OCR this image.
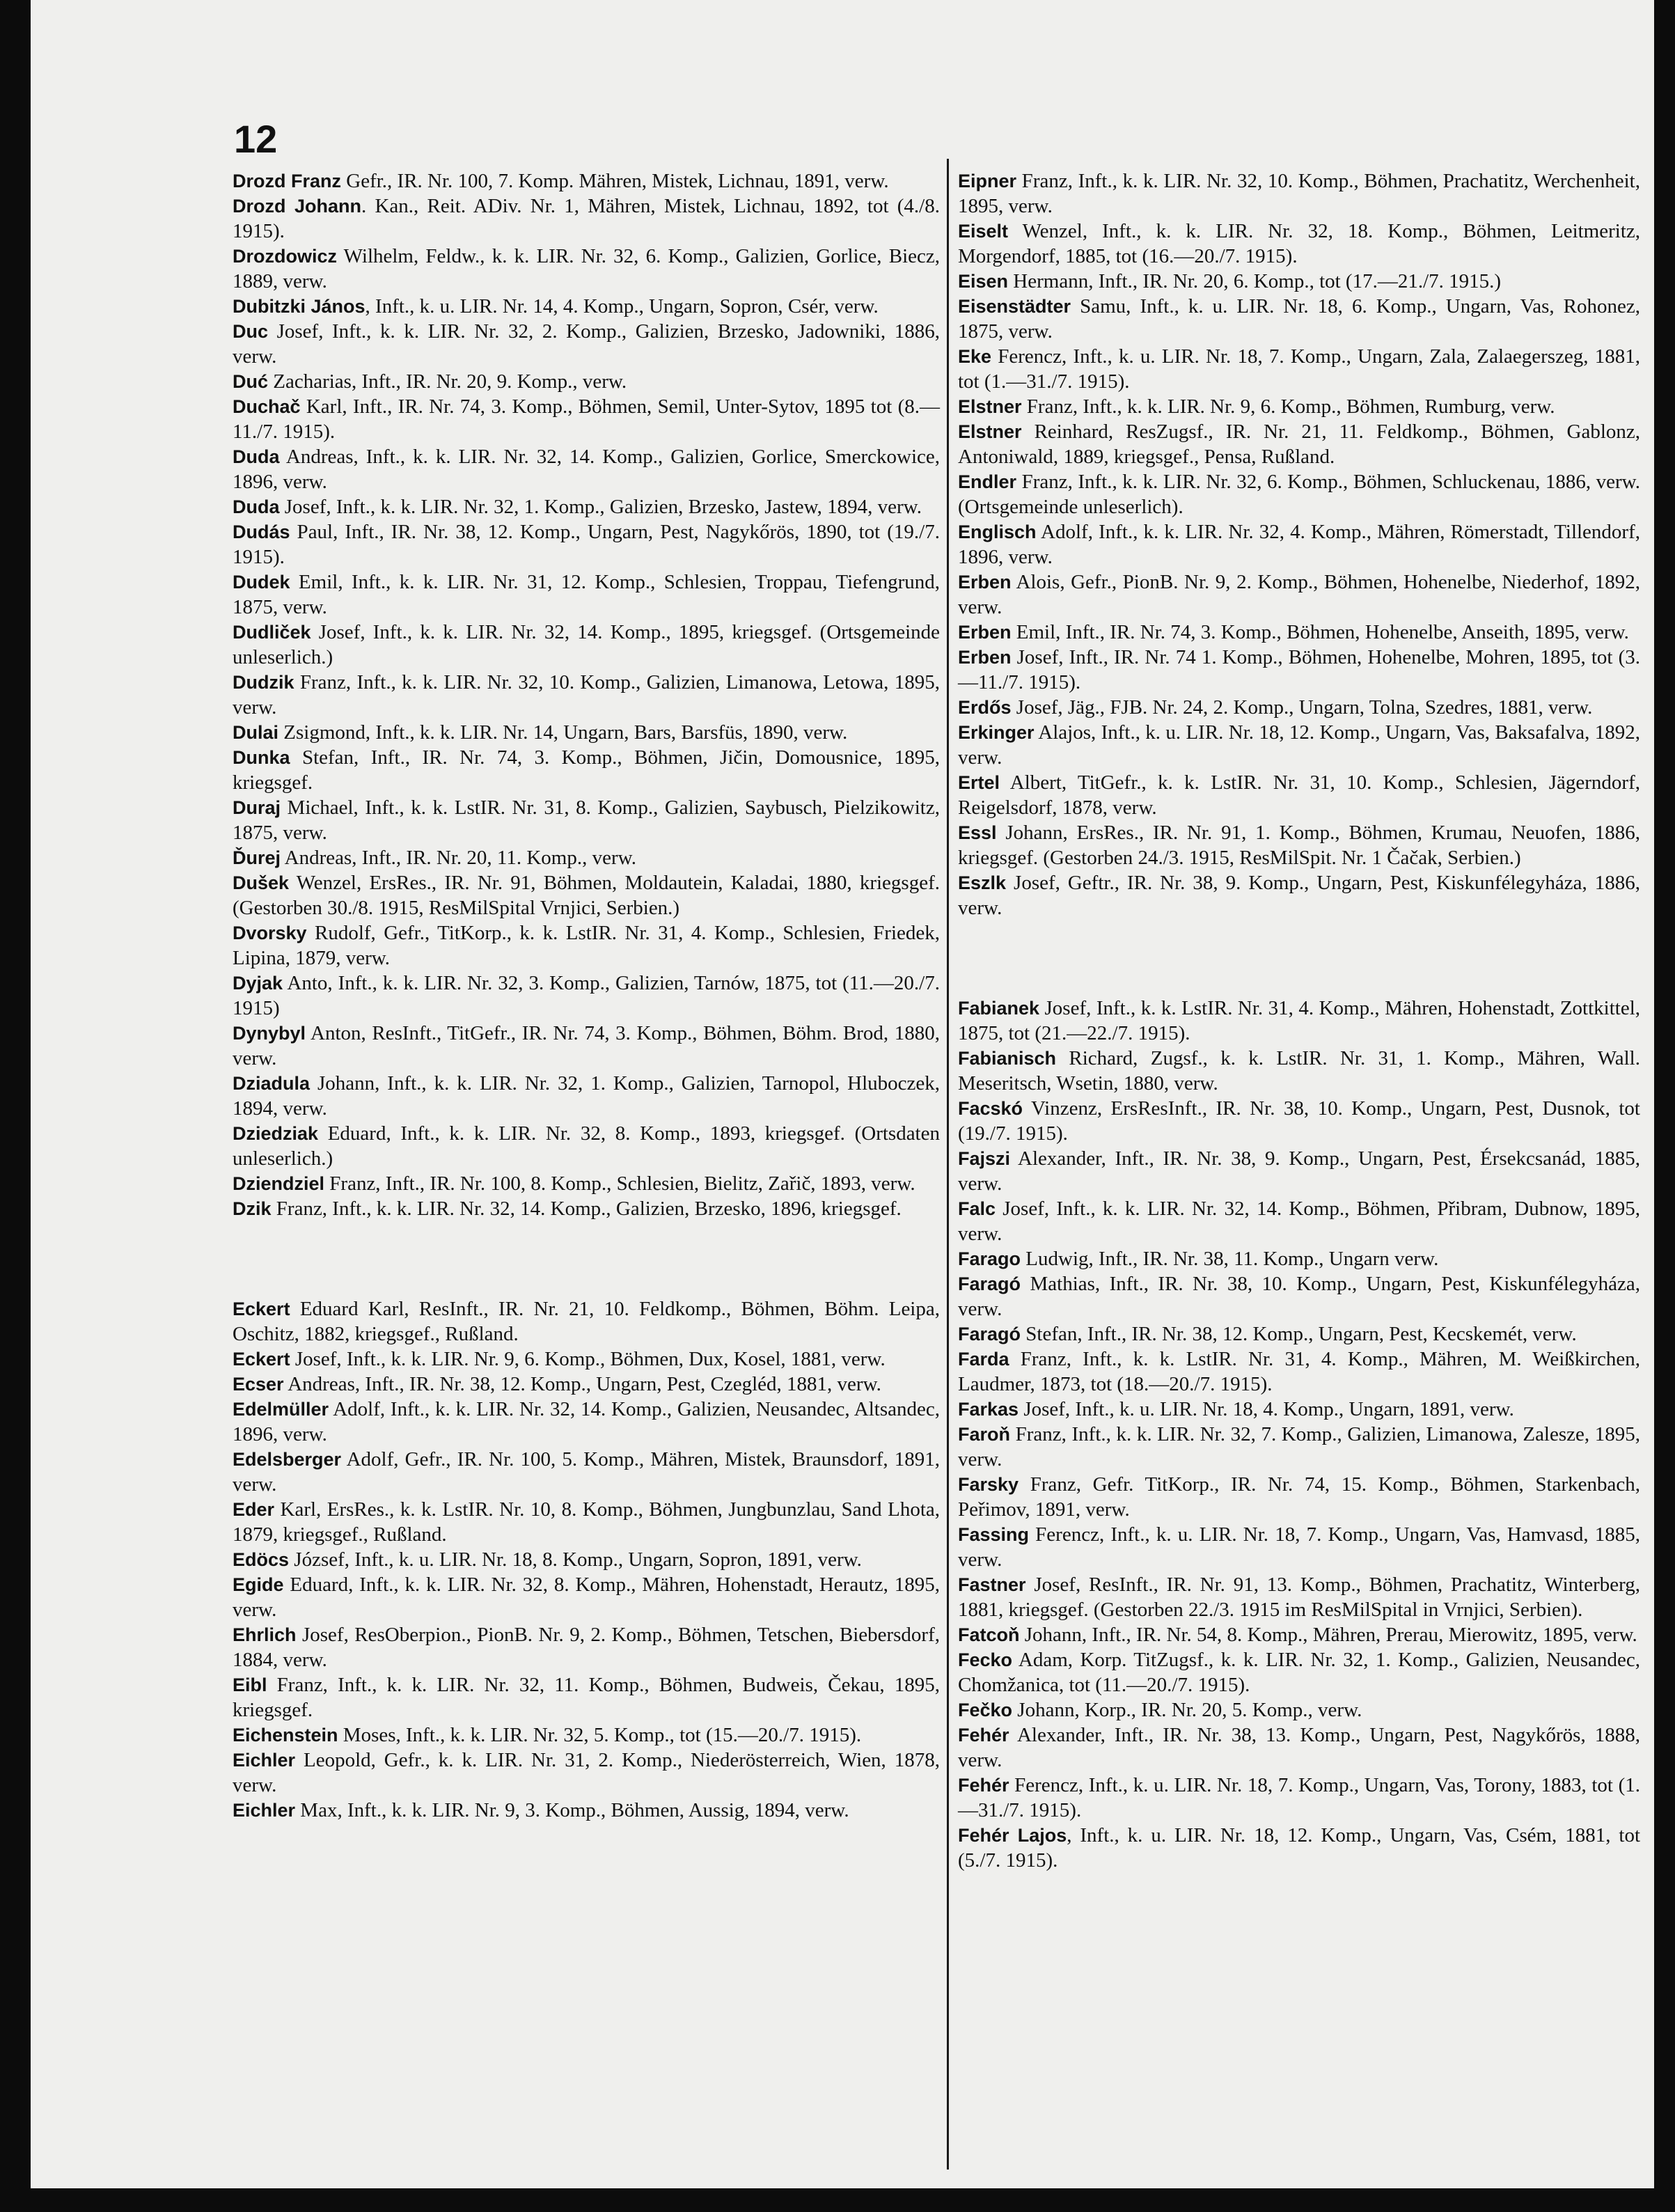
12

Drozd Franz Gefr., IR. Nr. 100, 7. Komp. Mähren, Mistek, Lichnau, 1891, verw.

Drozd Johann. Kan., Reit. ADiv. Nr. 1, Mähren, Mistek, Lichnau, 1892, tot (4./8. 1915).

Drozdowicz Wilhelm, Feldw., k. k. LIR. Nr. 32, 6. Komp., Galizien, Gorlice, Biecz, 1889, verw.

Dubitzki János, Inft., k. u. LIR. Nr. 14, 4. Komp., Ungarn, Sopron, Csér, verw.

Duc Josef, Inft., k. k. LIR. Nr. 32, 2. Komp., Galizien, Brzesko, Jadowniki, 1886, verw.

Duć Zacharias, Inft., IR. Nr. 20, 9. Komp., verw.

Duchač Karl, Inft., IR. Nr. 74, 3. Komp., Böhmen, Semil, Unter-Sytov, 1895 tot (8.—11./7. 1915).

Duda Andreas, Inft., k. k. LIR. Nr. 32, 14. Komp., Galizien, Gorlice, Smerckowice, 1896, verw.

Duda Josef, Inft., k. k. LIR. Nr. 32, 1. Komp., Galizien, Brzesko, Jastew, 1894, verw.

Dudás Paul, Inft., IR. Nr. 38, 12. Komp., Ungarn, Pest, Nagykőrös, 1890, tot (19./7. 1915).

Dudek Emil, Inft., k. k. LIR. Nr. 31, 12. Komp., Schlesien, Troppau, Tiefengrund, 1875, verw.

Dudliček Josef, Inft., k. k. LIR. Nr. 32, 14. Komp., 1895, kriegsgef. (Ortsgemeinde unleserlich.)

Dudzik Franz, Inft., k. k. LIR. Nr. 32, 10. Komp., Galizien, Limanowa, Letowa, 1895, verw.

Dulai Zsigmond, Inft., k. k. LIR. Nr. 14, Ungarn, Bars, Barsfüs, 1890, verw.

Dunka Stefan, Inft., IR. Nr. 74, 3. Komp., Böhmen, Jičin, Domousnice, 1895, kriegsgef.

Duraj Michael, Inft., k. k. LstIR. Nr. 31, 8. Komp., Galizien, Saybusch, Pielzikowitz, 1875, verw.

Ďurej Andreas, Inft., IR. Nr. 20, 11. Komp., verw.

Dušek Wenzel, ErsRes., IR. Nr. 91, Böhmen, Moldautein, Kaladai, 1880, kriegsgef. (Gestorben 30./8. 1915, ResMilSpital Vrnjici, Serbien.)

Dvorsky Rudolf, Gefr., TitKorp., k. k. LstIR. Nr. 31, 4. Komp., Schlesien, Friedek, Lipina, 1879, verw.

Dyjak Anto, Inft., k. k. LIR. Nr. 32, 3. Komp., Galizien, Tarnów, 1875, tot (11.—20./7. 1915)

Dynybyl Anton, ResInft., TitGefr., IR. Nr. 74, 3. Komp., Böhmen, Böhm. Brod, 1880, verw.

Dziadula Johann, Inft., k. k. LIR. Nr. 32, 1. Komp., Galizien, Tarnopol, Hluboczek, 1894, verw.

Dziedziak Eduard, Inft., k. k. LIR. Nr. 32, 8. Komp., 1893, kriegsgef. (Ortsdaten unleserlich.)

Dziendziel Franz, Inft., IR. Nr. 100, 8. Komp., Schlesien, Bielitz, Zařič, 1893, verw.

Dzik Franz, Inft., k. k. LIR. Nr. 32, 14. Komp., Galizien, Brzesko, 1896, kriegsgef.

Eckert Eduard Karl, ResInft., IR. Nr. 21, 10. Feldkomp., Böhmen, Böhm. Leipa, Oschitz, 1882, kriegsgef., Rußland.

Eckert Josef, Inft., k. k. LIR. Nr. 9, 6. Komp., Böhmen, Dux, Kosel, 1881, verw.

Ecser Andreas, Inft., IR. Nr. 38, 12. Komp., Ungarn, Pest, Czegléd, 1881, verw.

Edelmüller Adolf, Inft., k. k. LIR. Nr. 32, 14. Komp., Galizien, Neusandec, Altsandec, 1896, verw.

Edelsberger Adolf, Gefr., IR. Nr. 100, 5. Komp., Mähren, Mistek, Braunsdorf, 1891, verw.

Eder Karl, ErsRes., k. k. LstIR. Nr. 10, 8. Komp., Böhmen, Jungbunzlau, Sand Lhota, 1879, kriegsgef., Rußland.

Edöcs József, Inft., k. u. LIR. Nr. 18, 8. Komp., Ungarn, Sopron, 1891, verw.

Egide Eduard, Inft., k. k. LIR. Nr. 32, 8. Komp., Mähren, Hohenstadt, Herautz, 1895, verw.

Ehrlich Josef, ResOberpion., PionB. Nr. 9, 2. Komp., Böhmen, Tetschen, Biebersdorf, 1884, verw.

Eibl Franz, Inft., k. k. LIR. Nr. 32, 11. Komp., Böhmen, Budweis, Čekau, 1895, kriegsgef.

Eichenstein Moses, Inft., k. k. LIR. Nr. 32, 5. Komp., tot (15.—20./7. 1915).

Eichler Leopold, Gefr., k. k. LIR. Nr. 31, 2. Komp., Niederösterreich, Wien, 1878, verw.

Eichler Max, Inft., k. k. LIR. Nr. 9, 3. Komp., Böhmen, Aussig, 1894, verw.

Eipner Franz, Inft., k. k. LIR. Nr. 32, 10. Komp., Böhmen, Prachatitz, Werchenheit, 1895, verw.

Eiselt Wenzel, Inft., k. k. LIR. Nr. 32, 18. Komp., Böhmen, Leitmeritz, Morgendorf, 1885, tot (16.—20./7. 1915).

Eisen Hermann, Inft., IR. Nr. 20, 6. Komp., tot (17.—21./7. 1915.)

Eisenstädter Samu, Inft., k. u. LIR. Nr. 18, 6. Komp., Ungarn, Vas, Rohonez, 1875, verw.

Eke Ferencz, Inft., k. u. LIR. Nr. 18, 7. Komp., Ungarn, Zala, Zalaegerszeg, 1881, tot (1.—31./7. 1915).

Elstner Franz, Inft., k. k. LIR. Nr. 9, 6. Komp., Böhmen, Rumburg, verw.

Elstner Reinhard, ResZugsf., IR. Nr. 21, 11. Feldkomp., Böhmen, Gablonz, Antoniwald, 1889, kriegsgef., Pensa, Rußland.

Endler Franz, Inft., k. k. LIR. Nr. 32, 6. Komp., Böhmen, Schluckenau, 1886, verw. (Ortsgemeinde unleserlich).

Englisch Adolf, Inft., k. k. LIR. Nr. 32, 4. Komp., Mähren, Römerstadt, Tillendorf, 1896, verw.

Erben Alois, Gefr., PionB. Nr. 9, 2. Komp., Böhmen, Hohenelbe, Niederhof, 1892, verw.

Erben Emil, Inft., IR. Nr. 74, 3. Komp., Böhmen, Hohenelbe, Anseith, 1895, verw.

Erben Josef, Inft., IR. Nr. 74 1. Komp., Böhmen, Hohenelbe, Mohren, 1895, tot (3.—11./7. 1915).

Erdős Josef, Jäg., FJB. Nr. 24, 2. Komp., Ungarn, Tolna, Szedres, 1881, verw.

Erkinger Alajos, Inft., k. u. LIR. Nr. 18, 12. Komp., Ungarn, Vas, Baksafalva, 1892, verw.

Ertel Albert, TitGefr., k. k. LstIR. Nr. 31, 10. Komp., Schlesien, Jägerndorf, Reigelsdorf, 1878, verw.

Essl Johann, ErsRes., IR. Nr. 91, 1. Komp., Böhmen, Krumau, Neuofen, 1886, kriegsgef. (Gestorben 24./3. 1915, ResMilSpit. Nr. 1 Čačak, Serbien.)

Eszlk Josef, Geftr., IR. Nr. 38, 9. Komp., Ungarn, Pest, Kiskunfélegyháza, 1886, verw.

Fabianek Josef, Inft., k. k. LstIR. Nr. 31, 4. Komp., Mähren, Hohenstadt, Zottkittel, 1875, tot (21.—22./7. 1915).

Fabianisch Richard, Zugsf., k. k. LstIR. Nr. 31, 1. Komp., Mähren, Wall. Meseritsch, Wsetin, 1880, verw.

Facskó Vinzenz, ErsResInft., IR. Nr. 38, 10. Komp., Ungarn, Pest, Dusnok, tot (19./7. 1915).

Fajszi Alexander, Inft., IR. Nr. 38, 9. Komp., Ungarn, Pest, Érsekcsanád, 1885, verw.

Falc Josef, Inft., k. k. LIR. Nr. 32, 14. Komp., Böhmen, Přibram, Dubnow, 1895, verw.

Farago Ludwig, Inft., IR. Nr. 38, 11. Komp., Ungarn verw.

Faragó Mathias, Inft., IR. Nr. 38, 10. Komp., Ungarn, Pest, Kiskunfélegyháza, verw.

Faragó Stefan, Inft., IR. Nr. 38, 12. Komp., Ungarn, Pest, Kecskemét, verw.

Farda Franz, Inft., k. k. LstIR. Nr. 31, 4. Komp., Mähren, M. Weißkirchen, Laudmer, 1873, tot (18.—20./7. 1915).

Farkas Josef, Inft., k. u. LIR. Nr. 18, 4. Komp., Ungarn, 1891, verw.

Faroň Franz, Inft., k. k. LIR. Nr. 32, 7. Komp., Galizien, Limanowa, Zalesze, 1895, verw.

Farsky Franz, Gefr. TitKorp., IR. Nr. 74, 15. Komp., Böhmen, Starkenbach, Peřimov, 1891, verw.

Fassing Ferencz, Inft., k. u. LIR. Nr. 18, 7. Komp., Ungarn, Vas, Hamvasd, 1885, verw.

Fastner Josef, ResInft., IR. Nr. 91, 13. Komp., Böhmen, Prachatitz, Winterberg, 1881, kriegsgef. (Gestorben 22./3. 1915 im ResMilSpital in Vrnjici, Serbien).

Fatcoň Johann, Inft., IR. Nr. 54, 8. Komp., Mähren, Prerau, Mierowitz, 1895, verw.

Fecko Adam, Korp. TitZugsf., k. k. LIR. Nr. 32, 1. Komp., Galizien, Neusandec, Chomžanica, tot (11.—20./7. 1915).

Fečko Johann, Korp., IR. Nr. 20, 5. Komp., verw.

Fehér Alexander, Inft., IR. Nr. 38, 13. Komp., Ungarn, Pest, Nagykőrös, 1888, verw.

Fehér Ferencz, Inft., k. u. LIR. Nr. 18, 7. Komp., Ungarn, Vas, Torony, 1883, tot (1.—31./7. 1915).

Fehér Lajos, Inft., k. u. LIR. Nr. 18, 12. Komp., Ungarn, Vas, Csém, 1881, tot (5./7. 1915).
